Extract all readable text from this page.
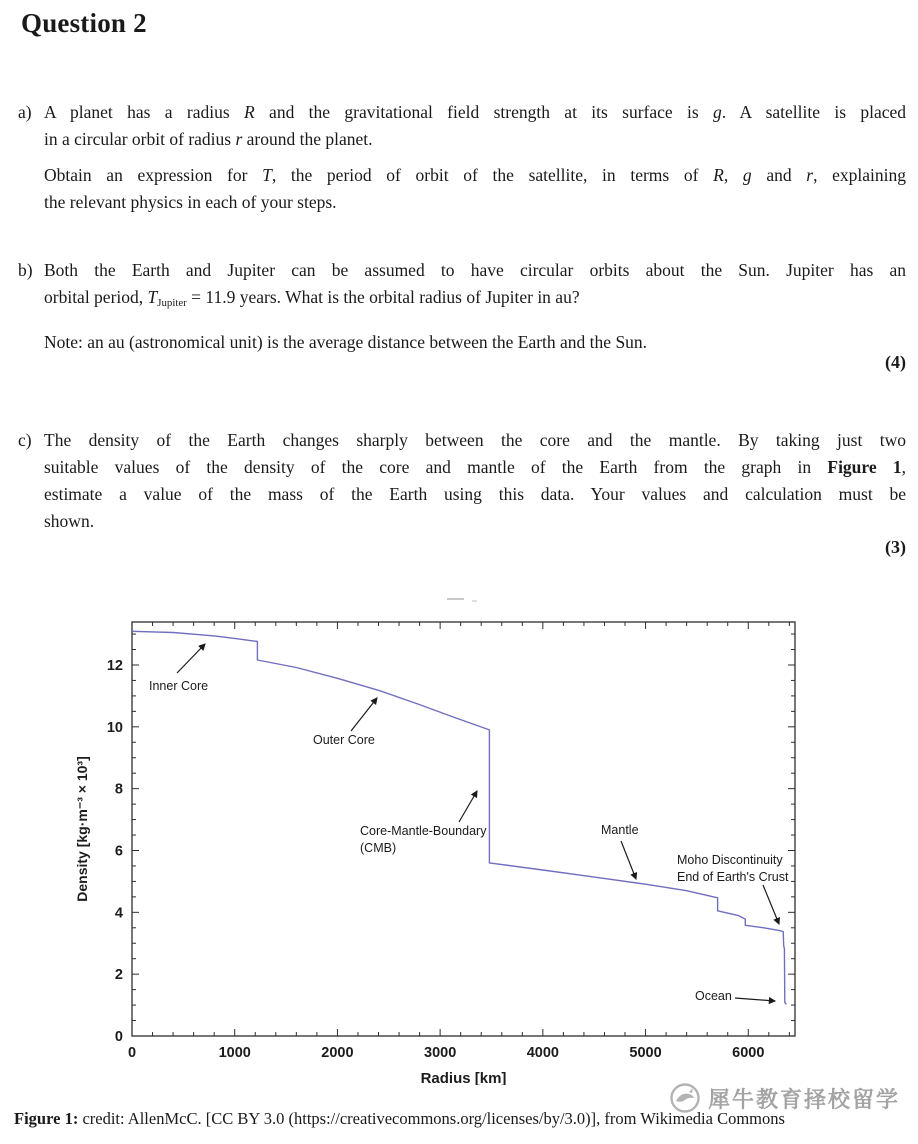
Question 2
a) A planet has a radius R and the gravitational field strength at its surface is g. A satellite is placed
in a circular orbit of radius r around the planet.
Obtain an expression for T, the period of orbit of the satellite, in terms of R, g and r, explaining
the relevant physics in each of your steps.
b) Both the Earth and Jupiter can be assumed to have circular orbits about the Sun. Jupiter has an
orbital period, TJupiter = 11.9 years. What is the orbital radius of Jupiter in au?
Note: an au (astronomical unit) is the average distance between the Earth and the Sun.
(4)
c) The density of the Earth changes sharply between the core and the mantle. By taking just two
suitable values of the density of the core and mantle of the Earth from the graph in Figure 1,
estimate a value of the mass of the Earth using this data. Your values and calculation must be
shown.
(3)
0	1000	2000	3000	4000	5000	6000
0
2
4
6
8
10
12
Radius [km]
Density [kg·m⁻³ × 10³]
Inner Core
Outer Core
Core-Mantle-Boundary
(CMB)
Mantle
Moho Discontinuity
End of Earth's Crust
Ocean
犀牛教育择校留学
Figure 1: credit: AllenMcC. [CC BY 3.0 (https://creativecommons.org/licenses/by/3.0)], from Wikimedia Commons
